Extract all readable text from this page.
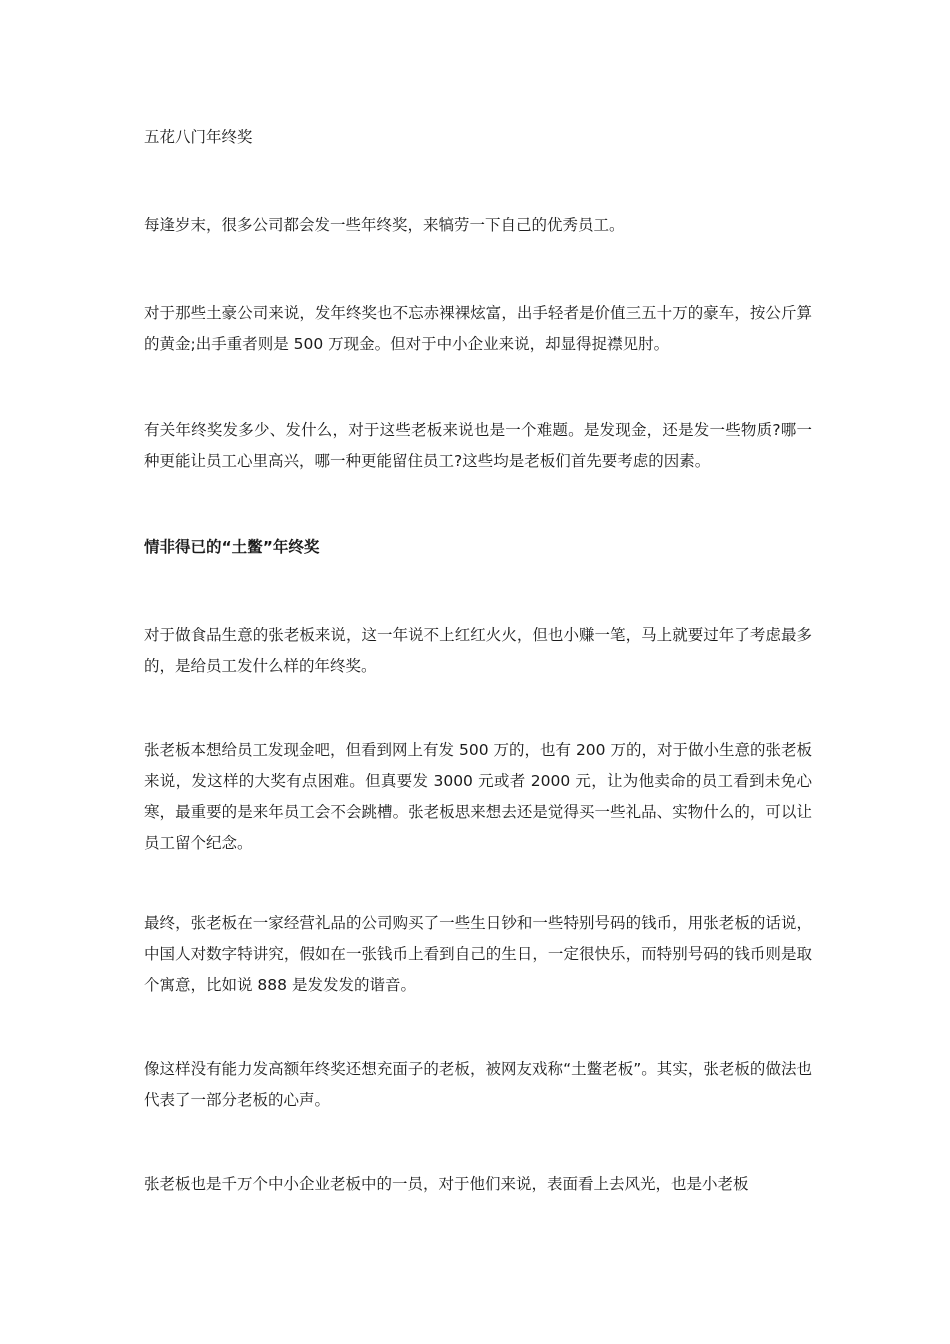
五花八门年终奖

每逢岁末，很多公司都会发一些年终奖，来犒劳一下自己的优秀员工。

对于那些土豪公司来说，发年终奖也不忘赤裸裸炫富，出手轻者是价值三五十万的豪车，按公斤算的黄金;出手重者则是 500 万现金。但对于中小企业来说，却显得捉襟见肘。

有关年终奖发多少、发什么，对于这些老板来说也是一个难题。是发现金，还是发一些物质?哪一种更能让员工心里高兴，哪一种更能留住员工?这些均是老板们首先要考虑的因素。

情非得已的“土鳖”年终奖

对于做食品生意的张老板来说，这一年说不上红红火火，但也小赚一笔，马上就要过年了考虑最多的，是给员工发什么样的年终奖。

张老板本想给员工发现金吧，但看到网上有发 500 万的，也有 200 万的，对于做小生意的张老板来说，发这样的大奖有点困难。但真要发 3000 元或者 2000 元，让为他卖命的员工看到未免心寒，最重要的是来年员工会不会跳槽。张老板思来想去还是觉得买一些礼品、实物什么的，可以让员工留个纪念。

最终，张老板在一家经营礼品的公司购买了一些生日钞和一些特别号码的钱币，用张老板的话说，中国人对数字特讲究，假如在一张钱币上看到自己的生日，一定很快乐，而特别号码的钱币则是取个寓意，比如说 888 是发发发的谐音。

像这样没有能力发高额年终奖还想充面子的老板，被网友戏称“土鳖老板”。其实，张老板的做法也代表了一部分老板的心声。

张老板也是千万个中小企业老板中的一员，对于他们来说，表面看上去风光，也是小老板
